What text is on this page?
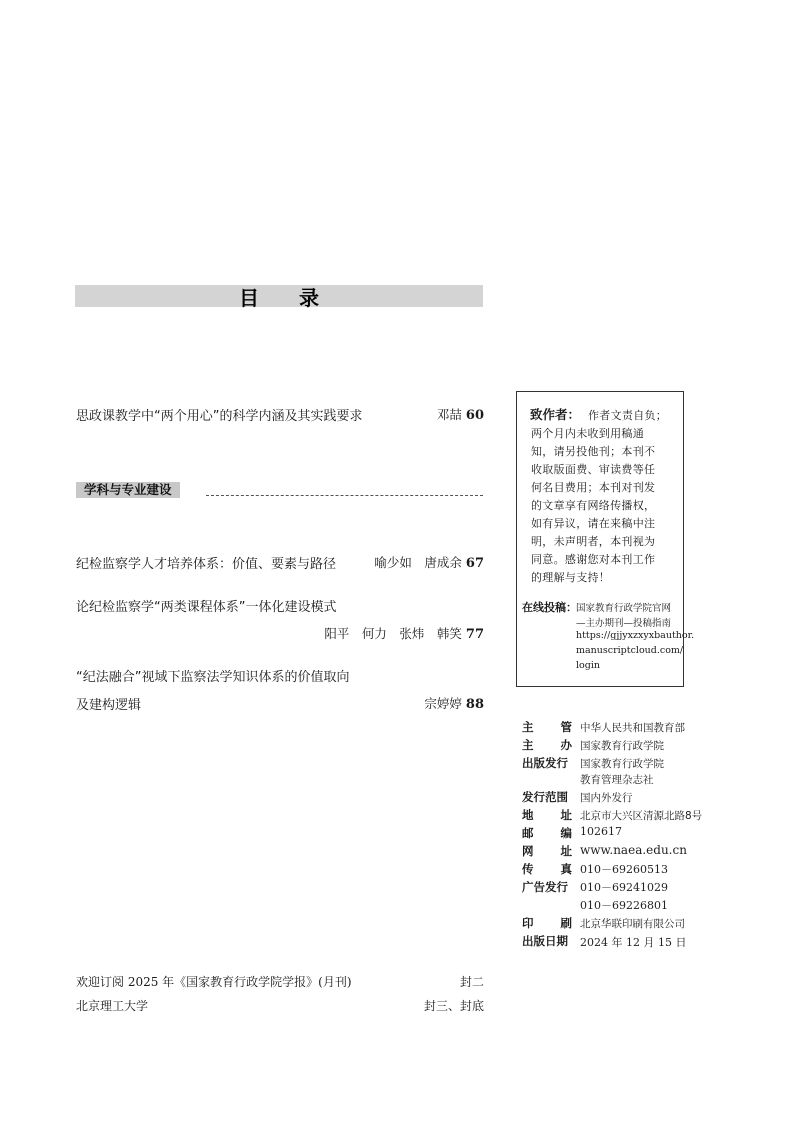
目 录
思政课教学中“两个用心”的科学内涵及其实践要求	邓喆 60
学科与专业建设
纪检监察学人才培养体系：价值、要素与路径	喻少如　唐成余 67
论纪检监察学“两类课程体系”一体化建设模式
阳平　何力　张炜　韩笑 77
“纪法融合”视域下监察法学知识体系的价值取向
及建构逻辑	宗婷婷 88
致作者： 作者文责自负；
两个月内未收到用稿通
知，请另投他刊；本刊不
收取版面费、审读费等任
何名目费用；本刊对刊发
的文章享有网络传播权，
如有异议，请在来稿中注
明，未声明者，本刊视为
同意。感谢您对本刊工作
的理解与支持！
在线投稿： 国家教育行政学院官网
—主办期刊—投稿指南
https://gjjyxzxyxbauthor.
manuscriptcloud.com/
login
主 管 中华人民共和国教育部
主 办 国家教育行政学院
出版发行 国家教育行政学院
教育管理杂志社
发行范围 国内外发行
地 址 北京市大兴区清源北路8号
邮 编 102617
网 址 www.naea.edu.cn
传 真 010－69260513
广告发行 010－69241029
010－69226801
印 刷 北京华联印刷有限公司
出版日期 2024 年 12 月 15 日
欢迎订阅 2025 年《国家教育行政学院学报》(月刊)	封二
北京理工大学	封三、封底
